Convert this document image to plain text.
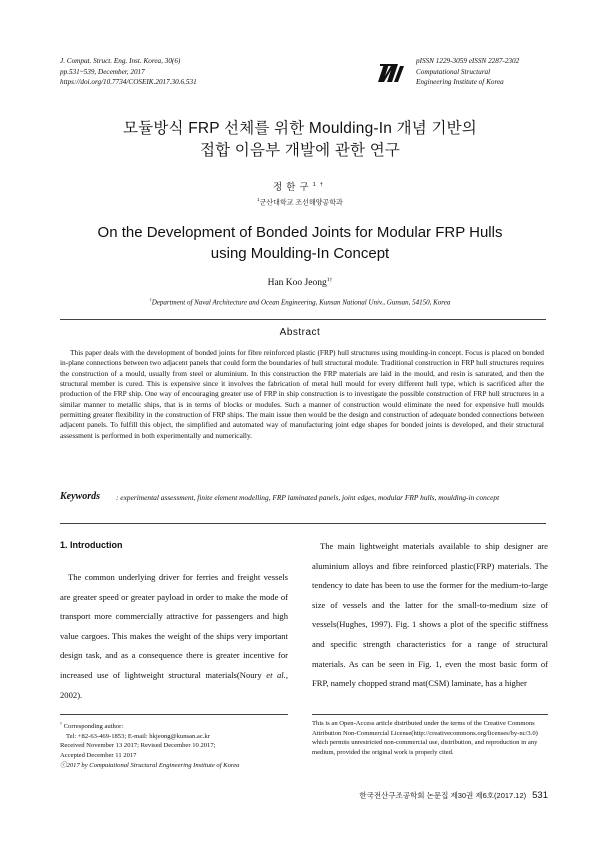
J. Comput. Struct. Eng. Inst. Korea, 30(6)
pp.531~539, December, 2017
https://doi.org/10.7734/COSEIK.2017.30.6.531
pISSN 1229-3059 eISSN 2287-2302
Computational Structural
Engineering Institute of Korea
모듈방식 FRP 선체를 위한 Moulding-In 개념 기반의
접합 이음부 개발에 관한 연구
정한구$^{1\dagger}$
$^1$군산대학교 조선해양공학과
On the Development of Bonded Joints for Modular FRP Hulls
using Moulding-In Concept
Han Koo Jeong$^{1\dagger}$
$^1$Department of Naval Architecture and Ocean Engineering, Kunsan National Univ., Gunsan, 54150, Korea
Abstract
This paper deals with the development of bonded joints for fibre reinforced plastic (FRP) hull structures using moulding-in concept. Focus is placed on bonded in-plane connections between two adjacent panels that could form the boundaries of hull structural module. Traditional construction in FRP hull structures requires the construction of a mould, usually from steel or aluminium. In this construction the FRP materials are laid in the mould, and resin is saturated, and then the structural member is cured. This is expensive since it involves the fabrication of metal hull mould for every different hull type, which is sacrificed after the production of the FRP ship. One way of encouraging greater use of FRP in ship construction is to investigate the possible construction of FRP hull structures in a similar manner to metallic ships, that is in terms of blocks or modules. Such a manner of construction would eliminate the need for expensive hull moulds permitting greater flexibility in the construction of FRP ships. The main issue then would be the design and construction of adequate bonded connections between adjacent panels. To fulfill this object, the simplified and automated way of manufacturing joint edge shapes for bonded joints is developed, and their structural assessment is performed in both experimentally and numerically.
Keywords : experimental assessment, finite element modelling, FRP laminated panels, joint edges, modular FRP hulls, moulding-in concept
1. Introduction
The common underlying driver for ferries and freight vessels are greater speed or greater payload in order to make the mode of transport more commercially attractive for passengers and high value cargoes. This makes the weight of the ships very important design task, and as a consequence there is greater incentive for increased use of lightweight structural materials(Noury et al., 2002).
The main lightweight materials available to ship designer are aluminium alloys and fibre reinforced plastic(FRP) materials. The tendency to date has been to use the former for the medium-to-large size of vessels and the latter for the small-to-medium size of vessels(Hughes, 1997). Fig. 1 shows a plot of the specific stiffness and specific strength characteristics for a range of structural materials. As can be seen in Fig. 1, even the most basic form of FRP, namely chopped strand mat(CSM) laminate, has a higher
† Corresponding author:
Tel: +82-63-469-1853; E-mail: hkjeong@kunsan.ac.kr
Received November 13 2017; Revised December 10 2017;
Accepted December 11 2017
ⓒ2017 by Computational Structural Engineering Institute of Korea
This is an Open-Access article distributed under the terms of the Creative Commons Attribution Non-Commercial License(http://creativecommons.org/licenses/by-nc/3.0) which permits unrestricted non-commercial use, distribution, and reproduction in any medium, provided the original work is properly cited.
한국전산구조공학회 논문집 제30권 제6호(2017.12) 531
